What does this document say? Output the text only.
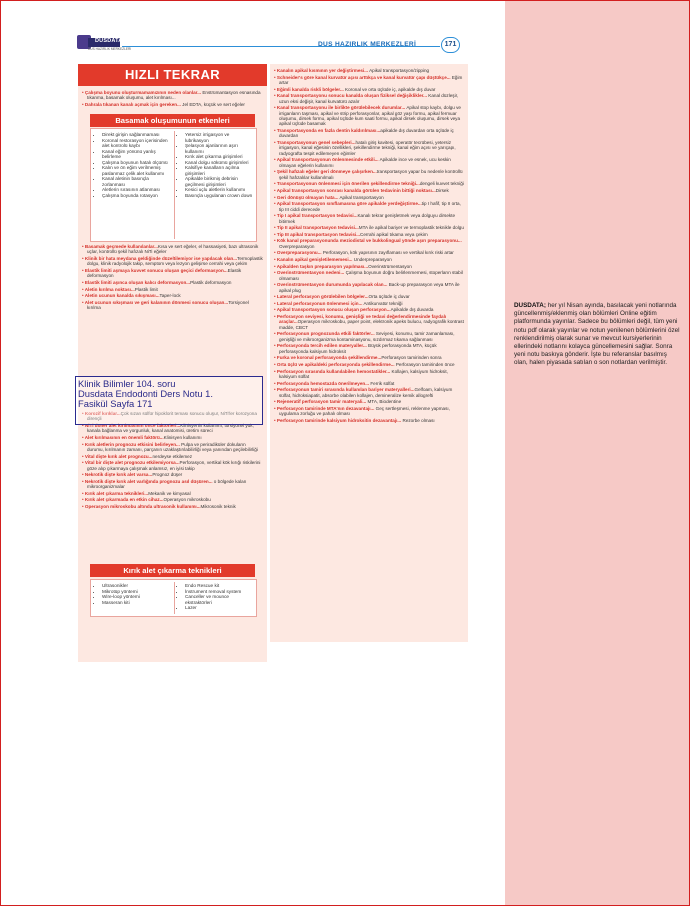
DUSDATA; her yıl Nisan ayında, basılacak yeni notlarında güncellenmiş/eklenmiş olan bölümleri Online eğitim platformunda yayınlar. Sadece bu bölümleri değil, tüm yeni notu pdf olarak yayınlar ve notun yenilenen bölümlerini özel renklendirilmiş olarak sunar ve mevcut kursiyerlerinin ellerindeki notlarını kolayca güncellemesini sağlar. Sonra yeni notu baskıya gönderir. İşte bu referanslar basılmış olan, halen piyasada satılan o son notlardan verilmiştir.
DUSDATA
DUS HAZIRLIK MERKEZLERİ
DUS HAZIRLIK MERKEZLERİ	171
HIZLI TEKRAR

• Çalışma boyunu oluşturmamamızının neden olanlar... Enstrümantasyon esnasında tıkanma, basamak oluşumu, alet kırılması...

• Dahrala tıkanan kanalı açmak için gereken... Jel EDTA, küçük ve sert eğeler

Basamak oluşumunun etkenleri
• Direkt girişin sağlanmaması
• Koronal restorasyon içerisinden alet kontrolü kaybı
• Kanal eğim yönünü yanlış belirleme
• Çalışma boyunun hatalı ölçümü
• Kalın ve ön eğim verilmemiş paslanmaz çelik alet kullanımı
• Kanal aletinin basınçla zorlanması
• Aletlerin sırasının atlanması
• Çalışma boyunda rotasyon
• Yetersiz irrigasyon ve lubrikasyon
• Şelasyon ajanlarının aşırı kullanımı
• Kırık alet çıkarma girişimleri
• Kanal dolgu sökümü girişimleri
• Kalsifiye kanalların açılma girişimleri
• Apikalde birikmiş debrisin geçilmesi girişimleri
• Kesici uçlu aletlerin kullanımı
• Basınçla uygulanan crown down

• Basamak geçmede kullanılanlar...Kısa ve sert eğeler, el hassasiyeti, bazı ultrasonik uçlar, kontrollü şekil hafızalı NiTi eğeler

• Klinik bir hata meydana geldiğinde düzeltilemiyor ise yapılacak olan...Termoplastik dolgu, klinik radyolojik takip, semptom veya lezyon gelişirse cerrahi veya çekim

• Elastik limiti aşmaya kuvvet sonucu oluşan geçici deformasyon...Elastik deformasyon

• Elastik limiti aşınca oluşan kalıcı deformasyon...Plastik deformasyon

• Aletin kırılma noktası...Plastik limit

• Aletin ucunun kanalda sıkışması...Taper-lock

• Alet ucunun sıkışması ve geri kalanının dönmesi sonucu oluşan...Torsiyonel kırılma

• Korozif kırıklar...Çok sızan sülfür hipoklorit teması sonucu oluşur, NiTi'ler korozyona dirençli

• NiTi döner alet kırılmasının önce faktörleri...Klinisyenin kullanımı, torsiyonel yük, kanala bağlanma ve yorgunluk, kanal anatomisi, üretim süreci

• Alet kırılmasının en önemli faktörü...Klinisyen kullanımı

• Kırık aletlerin prognozu etkisini belirleyen... Pulpa ve periradiküler dokuların durumu, kırılmanın zamanı, parçanın uzaklaştırılabilirliği veya yanından geçilebilirliği

• Vital dişte kırık alet prognozu...nerdeyse etkilemez

• Vital bir dişte alet prognozu etkilemiyorsa...Perforasyon, vertikal kök kırığı riskilerini göze alıp çıkarmaya çalışmak anlamsız, en iyisi takip

• Nekrotik dişte kırık alet varsa...Prognoz düşer

• Nekrotik dişte kırık alet varlığında prognozu asıl düşüren... o bölgede kalan mikroorganizmalar

• Kırık alet çıkarma teknikleri...Mekanik ve kimyasal

• Kırık alet çıkarmada en etkin cihaz...Operasyon mikroskobu

• Operasyon mikroskobu altında ultrasonik kullanımı...Mikrosonik teknik

Kırık alet çıkarma teknikleri
• Ultrasonikler
• Mikrotüp yöntemi
• Wire-loop yöntemi
• Masseran kiti
• Endo Rescue kit
• İnstrument removal system
• Canceller ve mounce ekstraktörleri
• Lazer

• Kanalın apikal kısmının yer değiştirmesi... Apikal transportasyon/zipping

• Schneider's göre kanal kurvatür açısı arttıkça ve kanal kurvatür çapı düştükçe... Eğim artar

• Eğimli kanalda riskli bölgeler... Koronal ve orta üçlüde iç, apikalde dış duvar

• Kanal transportasyonu sonucu kanalda oluşan fiziksel değişiklikler... Kanal düzleşir, uzun eksi değişir, kanal kurvatürü azalır

• Kanal transportasyonu ile birlikte görülebilecek durumlar... Apikal stop kaybı, dolgu ve irriganların taşması, apikal ve strip perforasyonlar, apikal göz yaşı formu, apikal fermuar oluşumu, dirsek formu, apikal üçlüde kum saati formu, apikal dirsek oluşumu, dirsek veya apikal üçlüde basamak

• Transportasyonda en fazla dentin kaldırılması...apikalde dış duvardan orta üçlüde iç duvardan

• Transportasyonun genel sebepleri...hatalı giriş kavitesi, operatör tecrübesi, yetersiz irrigasyon, kanal eğesinin özellikleri, şekillendirme tekniği, kanal eğim açısı ve yarıçapı, radyografta tespit edilemeyen eğimler

• Apikal transportasyonun önlenmesinde etkili... Apikalde ince ve esnek, ucu keskin olmayan eğelerin kullanımı

• Şekil hafızalı eğeler geri dönmeye çalışırken...transportasyon yapar bu nedenle kontrollü şekil hafızalılar kullanılmalı

• Transportasyonun önlenmesi için önerilen şekillendirme tekniği...dengeli kuvvet tekniği

• Apikal transportasyon sonrası kanalda görülen tedavinin bittiği noktası...Dirsek

• Geri dönüşü olmayan hata... Apikal transportasyon

• Apikal transportasyon sınıflamasına göre apikalde yerdeğiştirme...tip I hafif, tip II orta, tip III ciddi derecede

• Tip I apikal transportasyon tedavisi...Kanalı tekrar genişletmek veya dolguyu dirsekte bitirmek

• Tip II apikal transportasyon tedavisi...MTA ile apikal bariyer ve termoplastik teknikle dolgu

• Tip III apikal transportasyon tedavisi...Cerrahi apikal tıkama veya çekim

• Kök kanal preparasyonunda meziodistal ve bukkolingual yönde aşırı preparasyonu... Overpreparasyon

• Overpreparasyonu... Perforasyon, kök yapısının zayıflaması ve vertikal kırık riski artar

• Kanalın apikal genişletilememesi... Underpreparasyon

• Apikalden taşkın preparasyon yapılması...Overinstrümentasyon

• Overinstrümentasyon nedeni... Çalışma boyunun doğru belirlenmemesi, stoperların stabil olmaması

• Overinstrümentasyon durumunda yapılacak olan... Back-up preparasyon veya MTA ile apikal plug

• Lateral perforasyon görülebilen bölgeler...Orta üçlüde iç duvar

• Lateral perforasyonun önlenmesi için... Antikurvatür tekniği

• Apikal transportasyon sonucu oluşan perforasyon...Apikalde dış duvarda

• Perforasyon seviyesi, konumu, genişliği ve tedavi değerlendirmesinde faydalı araçlar...Operasyon mikroskobu, paper point, elektronik apeks bulucu, radyografik kontrast madde, CBCT

• Perforasyonun prognozunda etkili faktörler... Seviyesi, konumu, tamir zamanlaması, genişliği ve mikroorganizma kontaminasyonu, sızdırmaz tıkama sağlanması

• Perforasyonda tercih edilen materyaller... Büyük perforasyonda MTA, küçük perforasyonda kalsiyum hidroksit

• Furka ve koronal perforasyonda şekillendirme...Perforasyon tamirinden sonra

• Orta üçlü ve apikaldeki perforasyonda şekillendirme... Perforasyon tamirinden önce

• Perforasyon sırasında kullanılabilen hemostatikler... Kollajen, kalsiyum hidroksit, kalsiyum sülfat

• Perforasyonda hemostazda önerilmeyen... Ferrik sülfat

• Perforasyonun tamiri sırasında kullanılan bariyer materyalleri...Gelfoam, kalsiyum sülfat, hidroksiapatit, absorbe olabilen kollajen, demineralize kemik allogrefti

• Rejeneratif perforasyon tamir materyali... MTA, Biodentine

• Perforasyon tamirinde MTA'nın dezavantajı... Geç sertleşmesi, reklenme yapması, uygulama zorluğu ve pahalı olması

• Perforasyon tamirinde kalsiyum hidroksitin dezavantajı... Rezorbe olması

Klinik Bilimler 104. soru
Dusdata Endodonti Ders Notu 1.
Fasikül Sayfa 171
